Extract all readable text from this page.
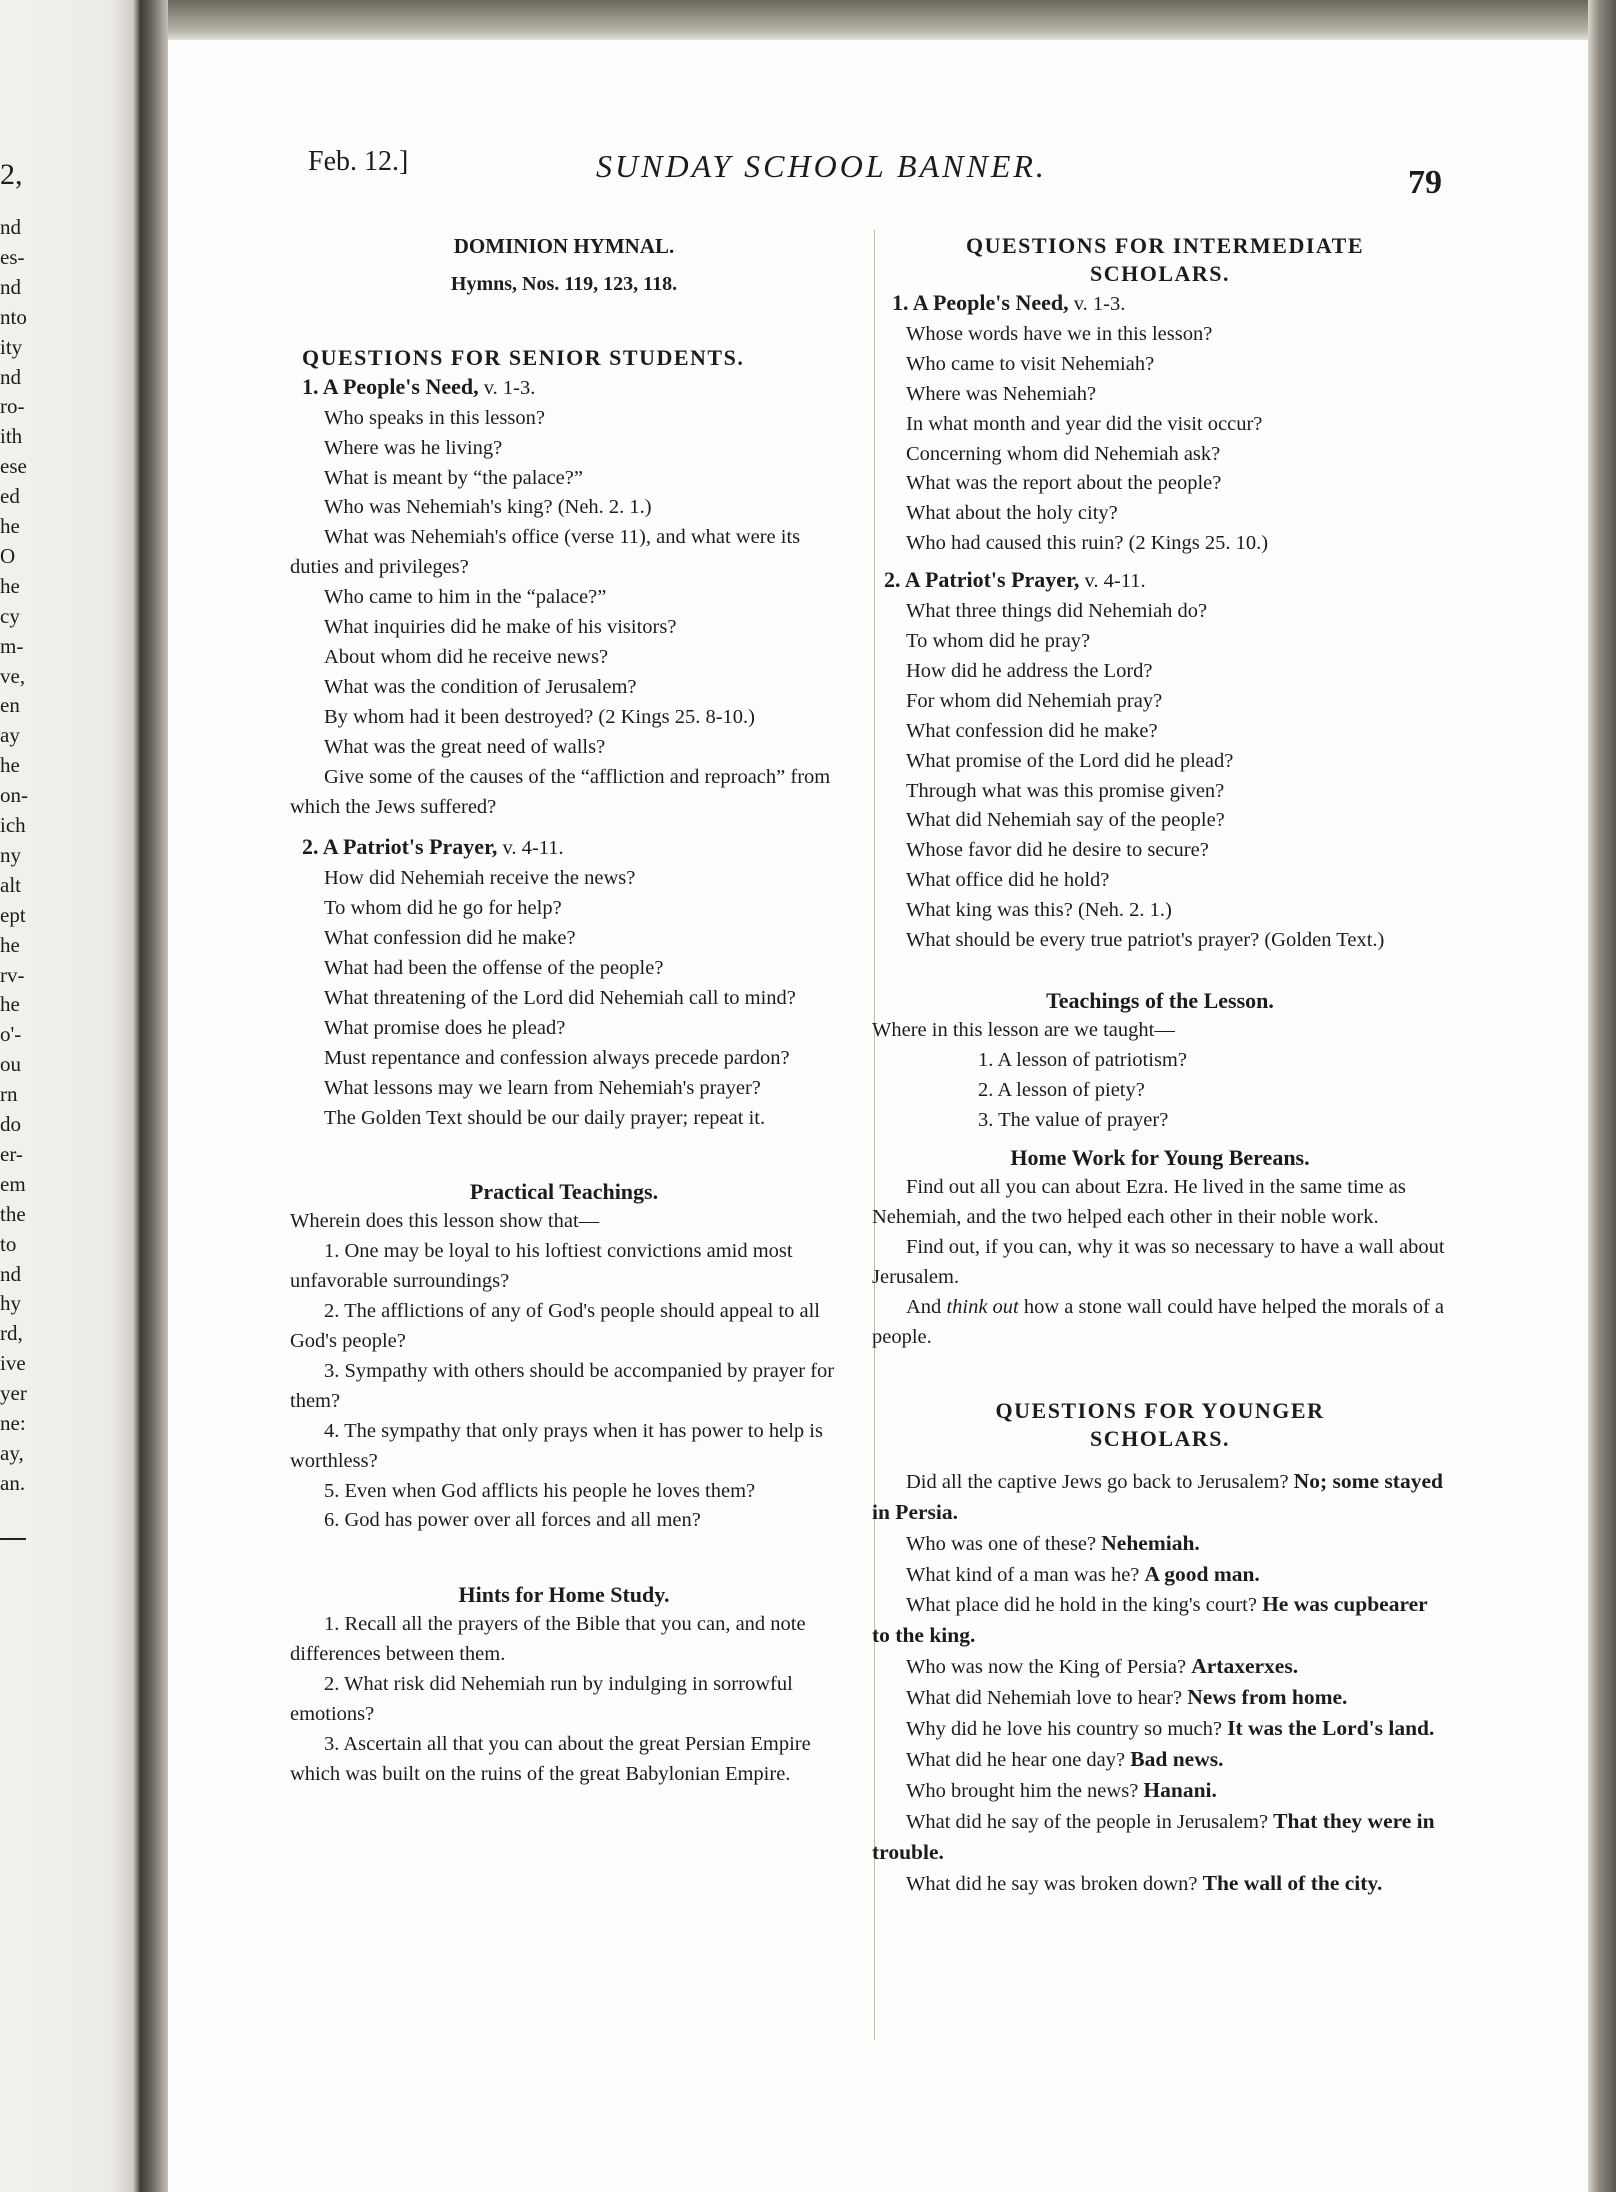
2,
nd
es-
nd
nto
ity
nd
ro-
ith
ese
ed
he
O
he
cy
m-
ve,
en
ay
he
on-
ich
ny
alt
ept
he
rv-
he
o'-
ou
rn
do
er-
em
the
to
nd
hy
rd,
ive
yer
ne:
ay,
an.
Feb. 12.]	SUNDAY SCHOOL BANNER.	79
DOMINION HYMNAL.
Hymns, Nos. 119, 123, 118.
QUESTIONS FOR SENIOR STUDENTS.
1. A People's Need, v. 1-3.
Who speaks in this lesson?
Where was he living?
What is meant by “the palace?”
Who was Nehemiah's king? (Neh. 2. 1.)
What was Nehemiah's office (verse 11), and what were its duties and privileges?
Who came to him in the “palace?”
What inquiries did he make of his visitors?
About whom did he receive news?
What was the condition of Jerusalem?
By whom had it been destroyed? (2 Kings 25. 8-10.)
What was the great need of walls?
Give some of the causes of the “affliction and reproach” from which the Jews suffered?
2. A Patriot's Prayer, v. 4-11.
How did Nehemiah receive the news?
To whom did he go for help?
What confession did he make?
What had been the offense of the people?
What threatening of the Lord did Nehemiah call to mind?
What promise does he plead?
Must repentance and confession always precede pardon?
What lessons may we learn from Nehemiah's prayer?
The Golden Text should be our daily prayer; repeat it.
Practical Teachings.
Wherein does this lesson show that—
1. One may be loyal to his loftiest convictions amid most unfavorable surroundings?
2. The afflictions of any of God's people should appeal to all God's people?
3. Sympathy with others should be accompanied by prayer for them?
4. The sympathy that only prays when it has power to help is worthless?
5. Even when God afflicts his people he loves them?
6. God has power over all forces and all men?
Hints for Home Study.
1. Recall all the prayers of the Bible that you can, and note differences between them.
2. What risk did Nehemiah run by indulging in sorrowful emotions?
3. Ascertain all that you can about the great Persian Empire which was built on the ruins of the great Babylonian Empire.
QUESTIONS FOR INTERMEDIATE
SCHOLARS.
1. A People's Need, v. 1-3.
Whose words have we in this lesson?
Who came to visit Nehemiah?
Where was Nehemiah?
In what month and year did the visit occur?
Concerning whom did Nehemiah ask?
What was the report about the people?
What about the holy city?
Who had caused this ruin? (2 Kings 25. 10.)
2. A Patriot's Prayer, v. 4-11.
What three things did Nehemiah do?
To whom did he pray?
How did he address the Lord?
For whom did Nehemiah pray?
What confession did he make?
What promise of the Lord did he plead?
Through what was this promise given?
What did Nehemiah say of the people?
Whose favor did he desire to secure?
What office did he hold?
What king was this? (Neh. 2. 1.)
What should be every true patriot's prayer? (Golden Text.)
Teachings of the Lesson.
Where in this lesson are we taught—
1. A lesson of patriotism?
2. A lesson of piety?
3. The value of prayer?
Home Work for Young Bereans.
Find out all you can about Ezra. He lived in the same time as Nehemiah, and the two helped each other in their noble work.
Find out, if you can, why it was so necessary to have a wall about Jerusalem.
And think out how a stone wall could have helped the morals of a people.
QUESTIONS FOR YOUNGER
SCHOLARS.
Did all the captive Jews go back to Jerusalem? No; some stayed in Persia.
Who was one of these? Nehemiah.
What kind of a man was he? A good man.
What place did he hold in the king's court? He was cupbearer to the king.
Who was now the King of Persia? Artaxerxes.
What did Nehemiah love to hear? News from home.
Why did he love his country so much? It was the Lord's land.
What did he hear one day? Bad news.
Who brought him the news? Hanani.
What did he say of the people in Jerusalem? That they were in trouble.
What did he say was broken down? The wall of the city.
